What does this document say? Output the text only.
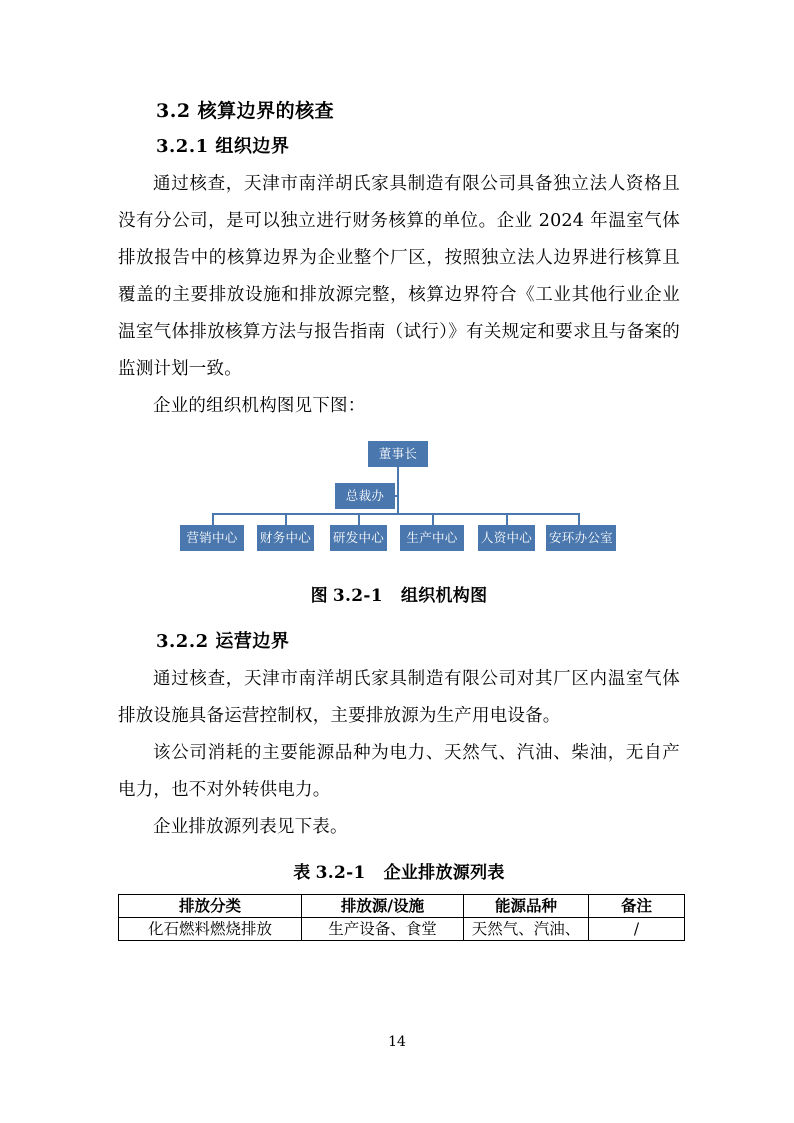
3.2 核算边界的核查
3.2.1 组织边界

通过核查，天津市南洋胡氏家具制造有限公司具备独立法人资格且没有分公司，是可以独立进行财务核算的单位。企业 2024 年温室气体排放报告中的核算边界为企业整个厂区，按照独立法人边界进行核算且覆盖的主要排放设施和排放源完整，核算边界符合《工业其他行业企业温室气体排放核算方法与报告指南（试行）》有关规定和要求且与备案的监测计划一致。

企业的组织机构图见下图：

董事长
总裁办
营销中心	财务中心 研发中心	生产中心	人资中心 安环办公室
图 3.2-1 组织机构图
3.2.2 运营边界

通过核查，天津市南洋胡氏家具制造有限公司对其厂区内温室气体排放设施具备运营控制权，主要排放源为生产用电设备。

该公司消耗的主要能源品种为电力、天然气、汽油、柴油，无自产电力，也不对外转供电力。

企业排放源列表见下表。

表 3.2-1 企业排放源列表
排放分类	排放源/设施	能源品种	备注
化石燃料燃烧排放	生产设备、食堂	天然气、汽油、	/
14
